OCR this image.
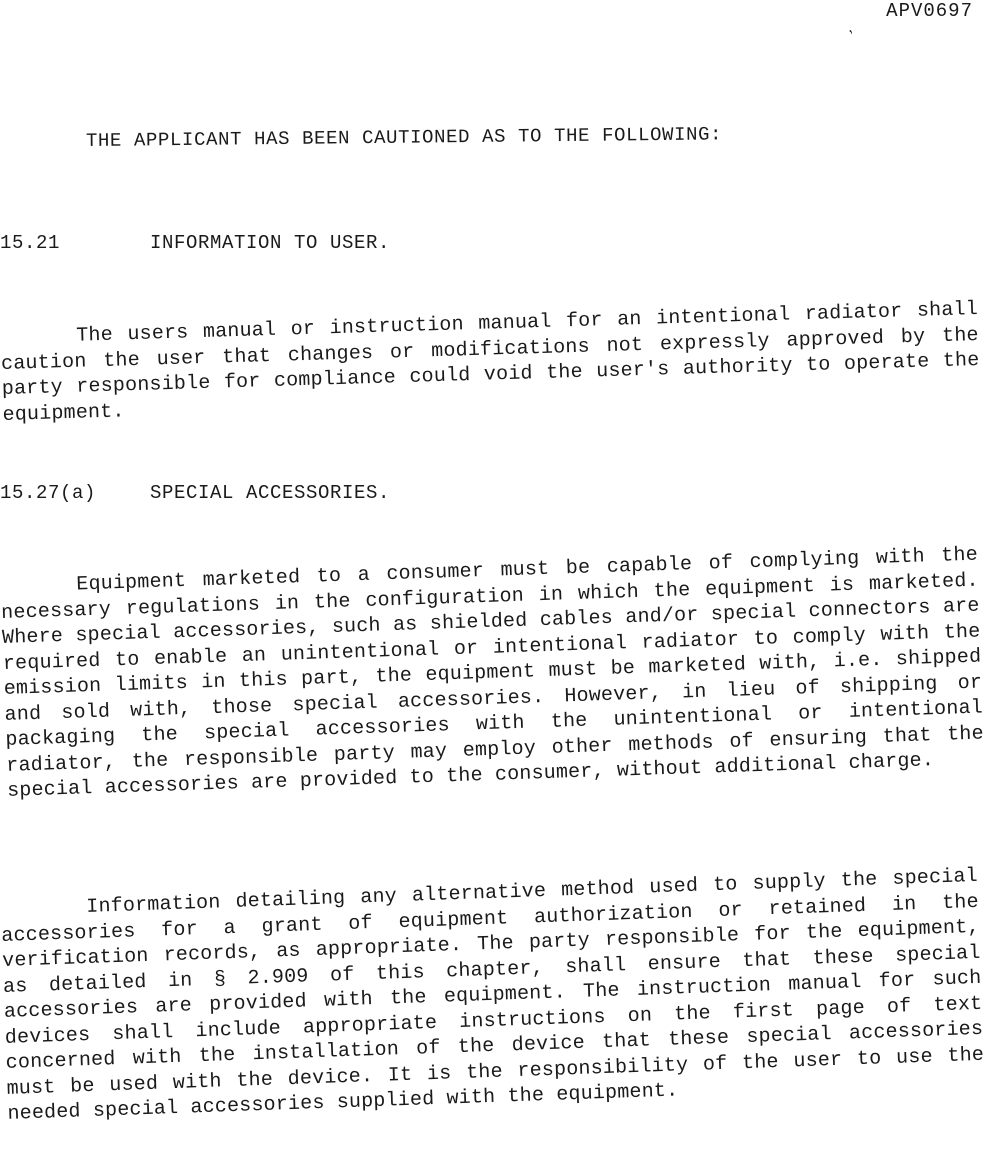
APV0697
ʼ
THE APPLICANT HAS BEEN CAUTIONED AS TO THE FOLLOWING:
15.21	INFORMATION TO USER.

The users manual or instruction manual for an intentional radiator shall caution the user that changes or modifications not expressly approved by the party responsible for compliance could void the user's authority to operate the equipment.

15.27(a)	SPECIAL ACCESSORIES.

Equipment marketed to a consumer must be capable of complying with the necessary regulations in the configuration in which the equipment is marketed. Where special accessories, such as shielded cables and/or special connectors are required to enable an unintentional or intentional radiator to comply with the emission limits in this part, the equipment must be marketed with, i.e. shipped and sold with, those special accessories. However, in lieu of shipping or packaging the special accessories with the unintentional or intentional radiator, the responsible party may employ other methods of ensuring that the special accessories are provided to the consumer, without additional charge.

Information detailing any alternative method used to supply the special accessories for a grant of equipment authorization or retained in the verification records, as appropriate. The party responsible for the equipment, as detailed in § 2.909 of this chapter, shall ensure that these special accessories are provided with the equipment. The instruction manual for such devices shall include appropriate instructions on the first page of text concerned with the installation of the device that these special accessories must be used with the device. It is the responsibility of the user to use the needed special accessories supplied with the equipment.
